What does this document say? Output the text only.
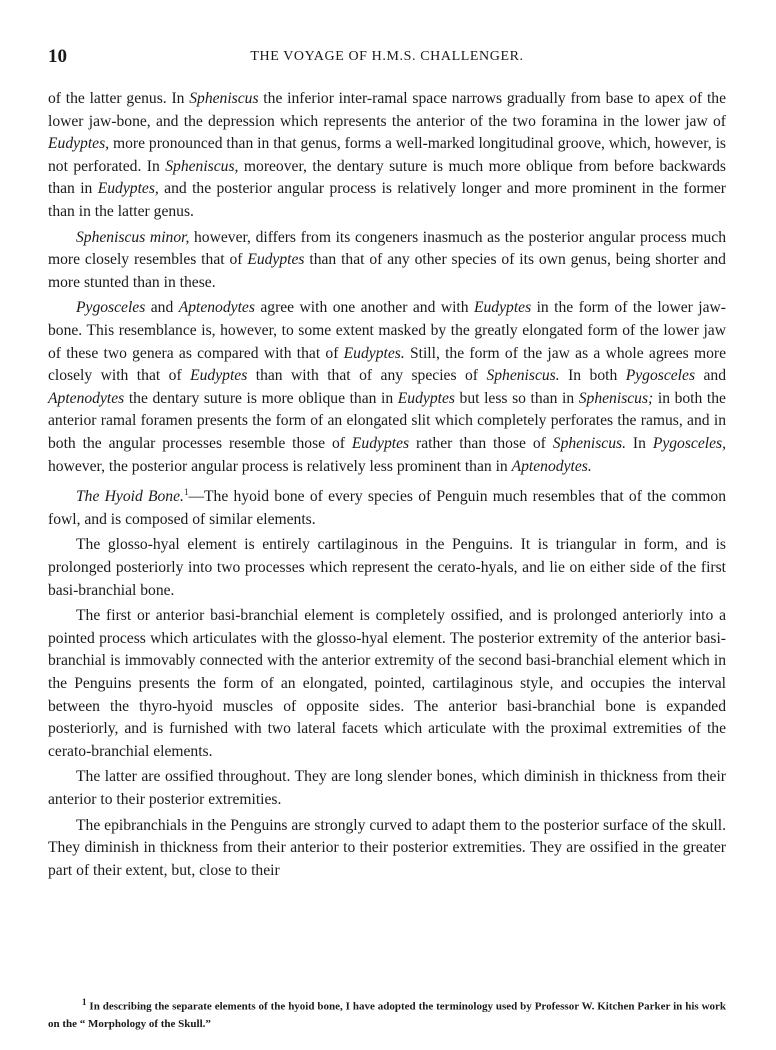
10	THE VOYAGE OF H.M.S. CHALLENGER.

of the latter genus. In Spheniscus the inferior inter-ramal space narrows gradually from base to apex of the lower jaw-bone, and the depression which represents the anterior of the two foramina in the lower jaw of Eudyptes, more pronounced than in that genus, forms a well-marked longitudinal groove, which, however, is not perforated. In Spheniscus, moreover, the dentary suture is much more oblique from before backwards than in Eudyptes, and the posterior angular process is relatively longer and more prominent in the former than in the latter genus.

Spheniscus minor, however, differs from its congeners inasmuch as the posterior angular process much more closely resembles that of Eudyptes than that of any other species of its own genus, being shorter and more stunted than in these.

Pygosceles and Aptenodytes agree with one another and with Eudyptes in the form of the lower jaw-bone. This resemblance is, however, to some extent masked by the greatly elongated form of the lower jaw of these two genera as compared with that of Eudyptes. Still, the form of the jaw as a whole agrees more closely with that of Eudyptes than with that of any species of Spheniscus. In both Pygosceles and Aptenodytes the dentary suture is more oblique than in Eudyptes but less so than in Spheniscus; in both the anterior ramal foramen presents the form of an elongated slit which completely perforates the ramus, and in both the angular processes resemble those of Eudyptes rather than those of Spheniscus. In Pygosceles, however, the posterior angular process is relatively less prominent than in Aptenodytes.

The Hyoid Bone.$^1$—The hyoid bone of every species of Penguin much resembles that of the common fowl, and is composed of similar elements.

The glosso-hyal element is entirely cartilaginous in the Penguins. It is triangular in form, and is prolonged posteriorly into two processes which represent the cerato-hyals, and lie on either side of the first basi-branchial bone.

The first or anterior basi-branchial element is completely ossified, and is prolonged anteriorly into a pointed process which articulates with the glosso-hyal element. The posterior extremity of the anterior basi-branchial is immovably connected with the anterior extremity of the second basi-branchial element which in the Penguins presents the form of an elongated, pointed, cartilaginous style, and occupies the interval between the thyro-hyoid muscles of opposite sides. The anterior basi-branchial bone is expanded posteriorly, and is furnished with two lateral facets which articulate with the proximal extremities of the cerato-branchial elements.

The latter are ossified throughout. They are long slender bones, which diminish in thickness from their anterior to their posterior extremities.

The epibranchials in the Penguins are strongly curved to adapt them to the posterior surface of the skull. They diminish in thickness from their anterior to their posterior extremities. They are ossified in the greater part of their extent, but, close to their

$^1$ In describing the separate elements of the hyoid bone, I have adopted the terminology used by Professor W. Kitchen Parker in his work on the “ Morphology of the Skull.”
